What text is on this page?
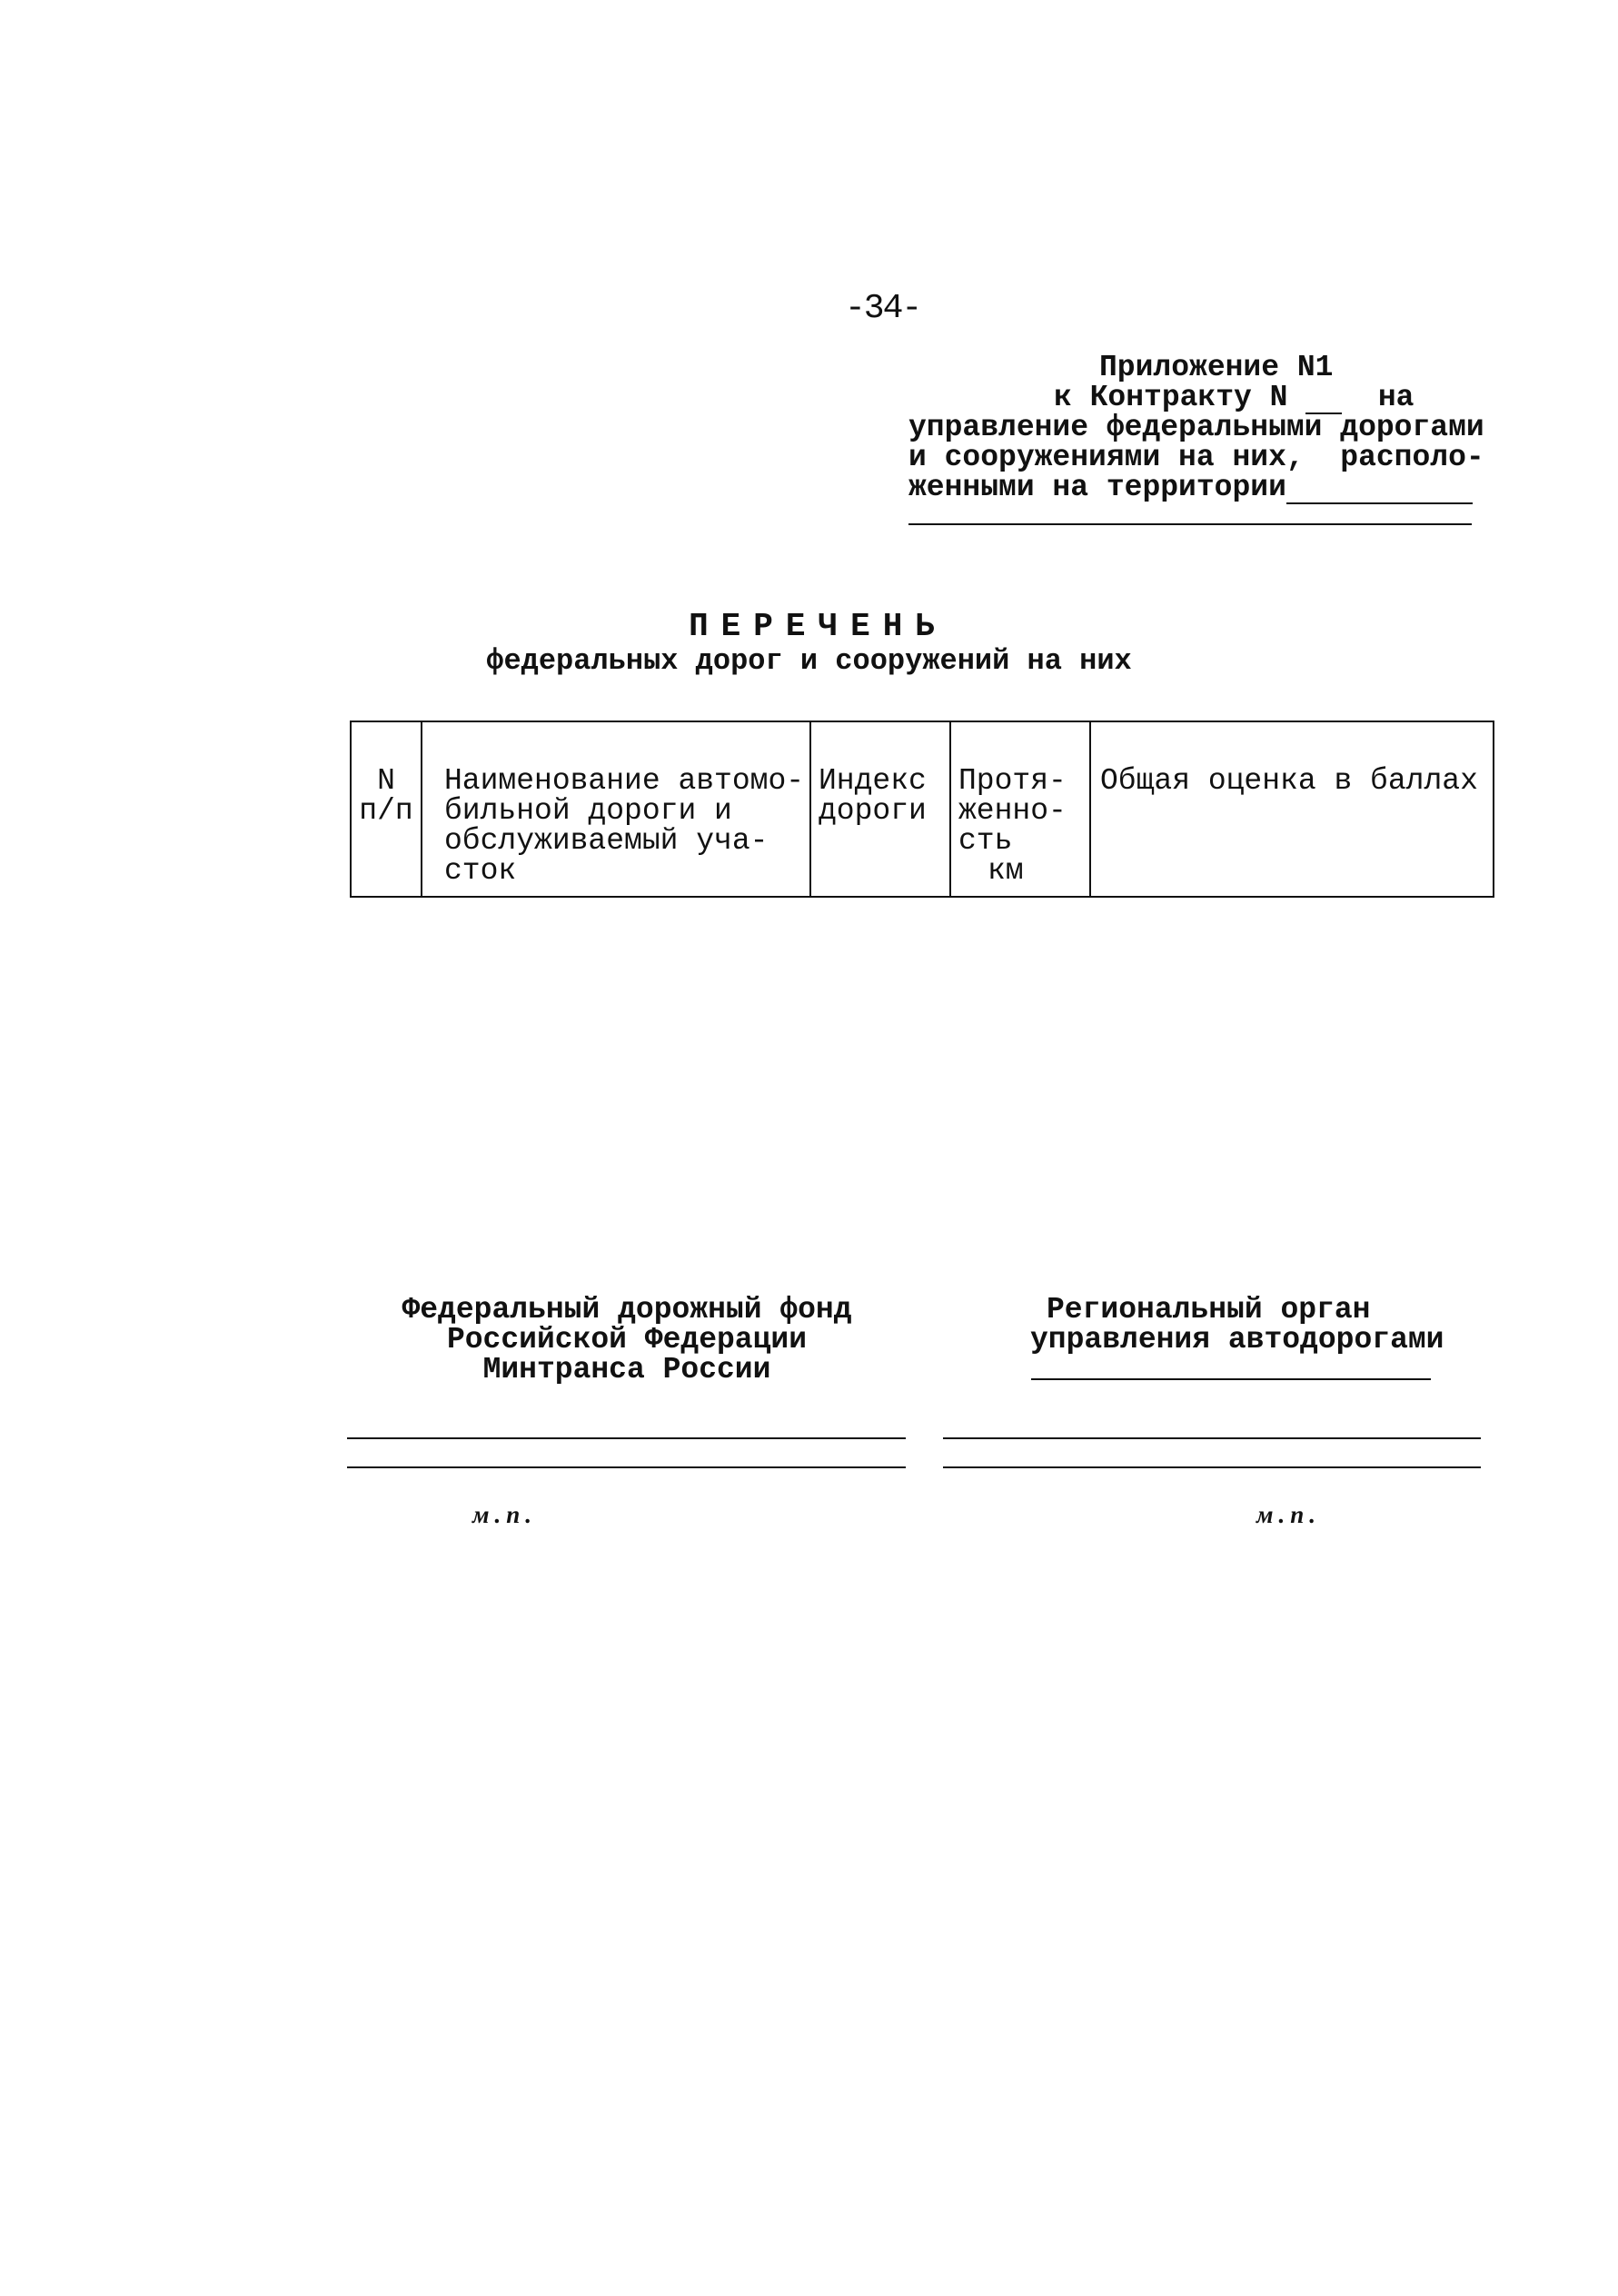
-34-
Приложение N1
к Контракту N	на
управление федеральными дорогами
и сооружениями на них,  располо-
женными на территории
ПЕРЕЧЕНЬ
федеральных дорог и сооружений на них
N
п/п
Наименование автомо-
бильной дороги и
обслуживаемый уча-
сток
Индекс
дороги
Протя-
женно-
сть
км
Общая оценка в баллах
Федеральный дорожный фонд
Российской Федерации
Минтранса России
Региональный орган
управления автодорогами
м.п.	м.п.
